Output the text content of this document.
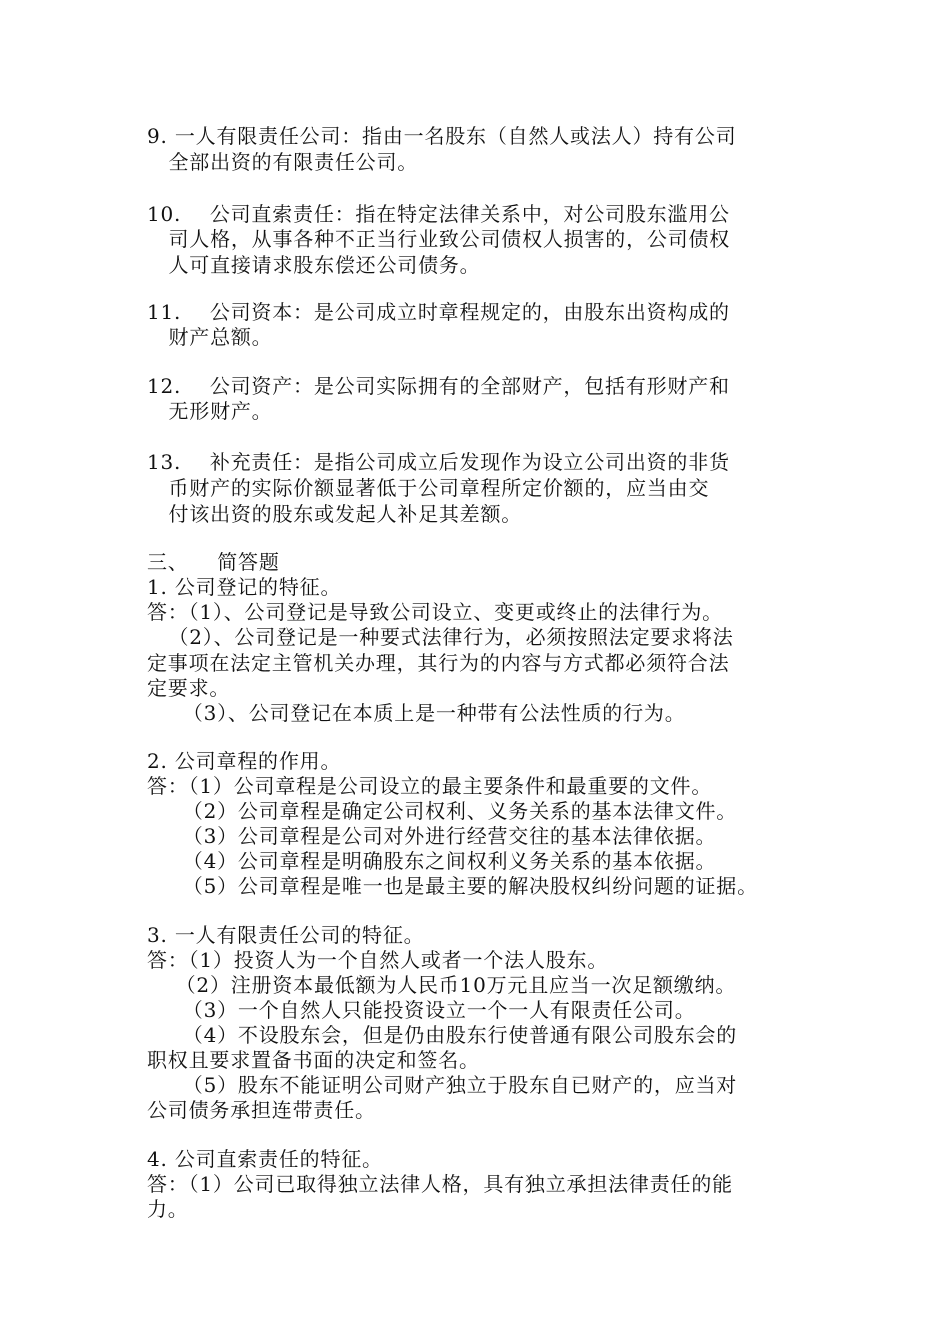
9. 一人有限责任公司：指由一名股东（自然人或法人）持有公司
全部出资的有限责任公司。
10.    公司直索责任：指在特定法律关系中，对公司股东滥用公
司人格，从事各种不正当行业致公司债权人损害的，公司债权
人可直接请求股东偿还公司债务。
11.    公司资本：是公司成立时章程规定的，由股东出资构成的
财产总额。
12.    公司资产：是公司实际拥有的全部财产，包括有形财产和
无形财产。
13.    补充责任：是指公司成立后发现作为设立公司出资的非货
币财产的实际价额显著低于公司章程所定价额的，应当由交
付该出资的股东或发起人补足其差额。
三、    简答题
1. 公司登记的特征。
答：（1）、公司登记是导致公司设立、变更或终止的法律行为。
（2）、公司登记是一种要式法律行为，必须按照法定要求将法
定事项在法定主管机关办理，其行为的内容与方式都必须符合法
定要求。
（3）、公司登记在本质上是一种带有公法性质的行为。
2. 公司章程的作用。
答：（1）公司章程是公司设立的最主要条件和最重要的文件。
（2）公司章程是确定公司权利、义务关系的基本法律文件。
（3）公司章程是公司对外进行经营交往的基本法律依据。
（4）公司章程是明确股东之间权利义务关系的基本依据。
（5）公司章程是唯一也是最主要的解决股权纠纷问题的证据。
3. 一人有限责任公司的特征。
答：（1）投资人为一个自然人或者一个法人股东。
（2）注册资本最低额为人民币10万元且应当一次足额缴纳。
（3）一个自然人只能投资设立一个一人有限责任公司。
（4）不设股东会，但是仍由股东行使普通有限公司股东会的
职权且要求置备书面的决定和签名。
（5）股东不能证明公司财产独立于股东自已财产的，应当对
公司债务承担连带责任。
4. 公司直索责任的特征。
答：（1）公司已取得独立法律人格，具有独立承担法律责任的能
力。
